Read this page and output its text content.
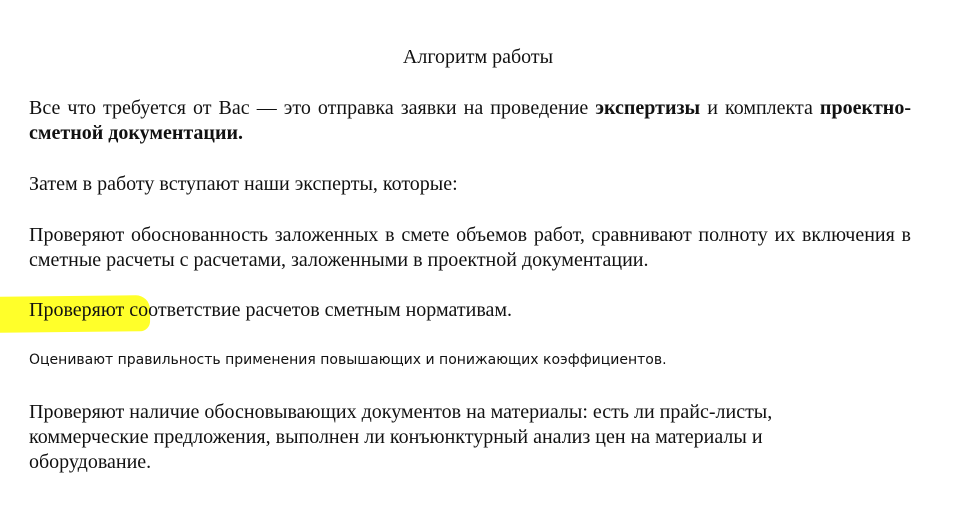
Алгоритм работы
Все что требуется от Вас — это отправка заявки на проведение экспертизы и комплекта проектно-сметной документации.
Затем в работу вступают наши эксперты, которые:
Проверяют обоснованность заложенных в смете объемов работ, сравнивают полноту их включения в сметные расчеты с расчетами, заложенными в проектной документации.
Проверяют соответствие расчетов сметным нормативам.
Оценивают правильность применения повышающих и понижающих коэффициентов.
Проверяют наличие обосновывающих документов на материалы: есть ли прайс-листы, коммерческие предложения, выполнен ли конъюнктурный анализ цен на материалы и оборудование.
